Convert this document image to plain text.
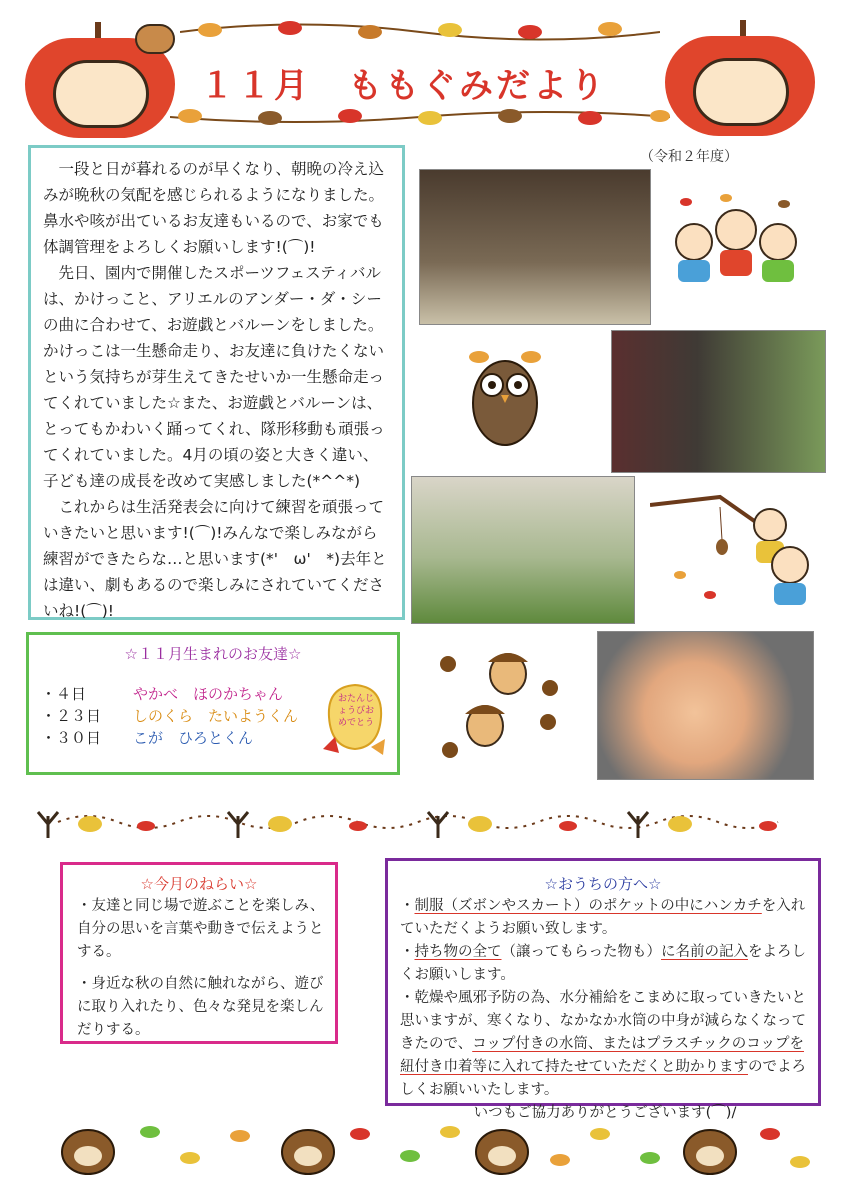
１１月　ももぐみだより
（令和２年度）

一段と日が暮れるのが早くなり、朝晩の冷え込みが晩秋の気配を感じられるようになりました。鼻水や咳が出ているお友達もいるので、お家でも体調管理をよろしくお願いします!(⌒)!

先日、園内で開催したスポーツフェスティバルは、かけっこと、アリエルのアンダー・ダ・シーの曲に合わせて、お遊戯とバルーンをしました。かけっこは一生懸命走り、お友達に負けたくないという気持ちが芽生えてきたせいか一生懸命走ってくれていました☆また、お遊戯とバルーンは、とってもかわいく踊ってくれ、隊形移動も頑張ってくれていました。4月の頃の姿と大きく違い、子ども達の成長を改めて実感しました(*^^*)

これからは生活発表会に向けて練習を頑張っていきたいと思います!(⌒)!みんなで楽しみながら練習ができたらな…と思います(*'　ω'　*)去年とは違い、劇もあるので楽しみにされていてくださいね!(⌒)!

☆１１月生まれのお友達☆
・４日	やかべ　ほのかちゃん
・２３日 しのくら　たいようくん
・３０日 こが　ひろとくん
おたんじょうびおめでとう
☆今月のねらい☆
・友達と同じ場で遊ぶことを楽しみ、自分の思いを言葉や動きで伝えようとする。
・身近な秋の自然に触れながら、遊びに取り入れたり、色々な発見を楽しんだりする。
☆おうちの方へ☆
・制服（ズボンやスカート）のポケットの中にハンカチを入れていただくようお願い致します。
・持ち物の全て（譲ってもらった物も）に名前の記入をよろしくお願いします。
・乾燥や風邪予防の為、水分補給をこまめに取っていきたいと思いますが、寒くなり、なかなか水筒の中身が減らなくなってきたので、コップ付きの水筒、またはプラスチックのコップを紐付き巾着等に入れて持たせていただくと助かりますのでよろしくお願いいたします。
いつもご協力ありがとうございます(⌒)/
